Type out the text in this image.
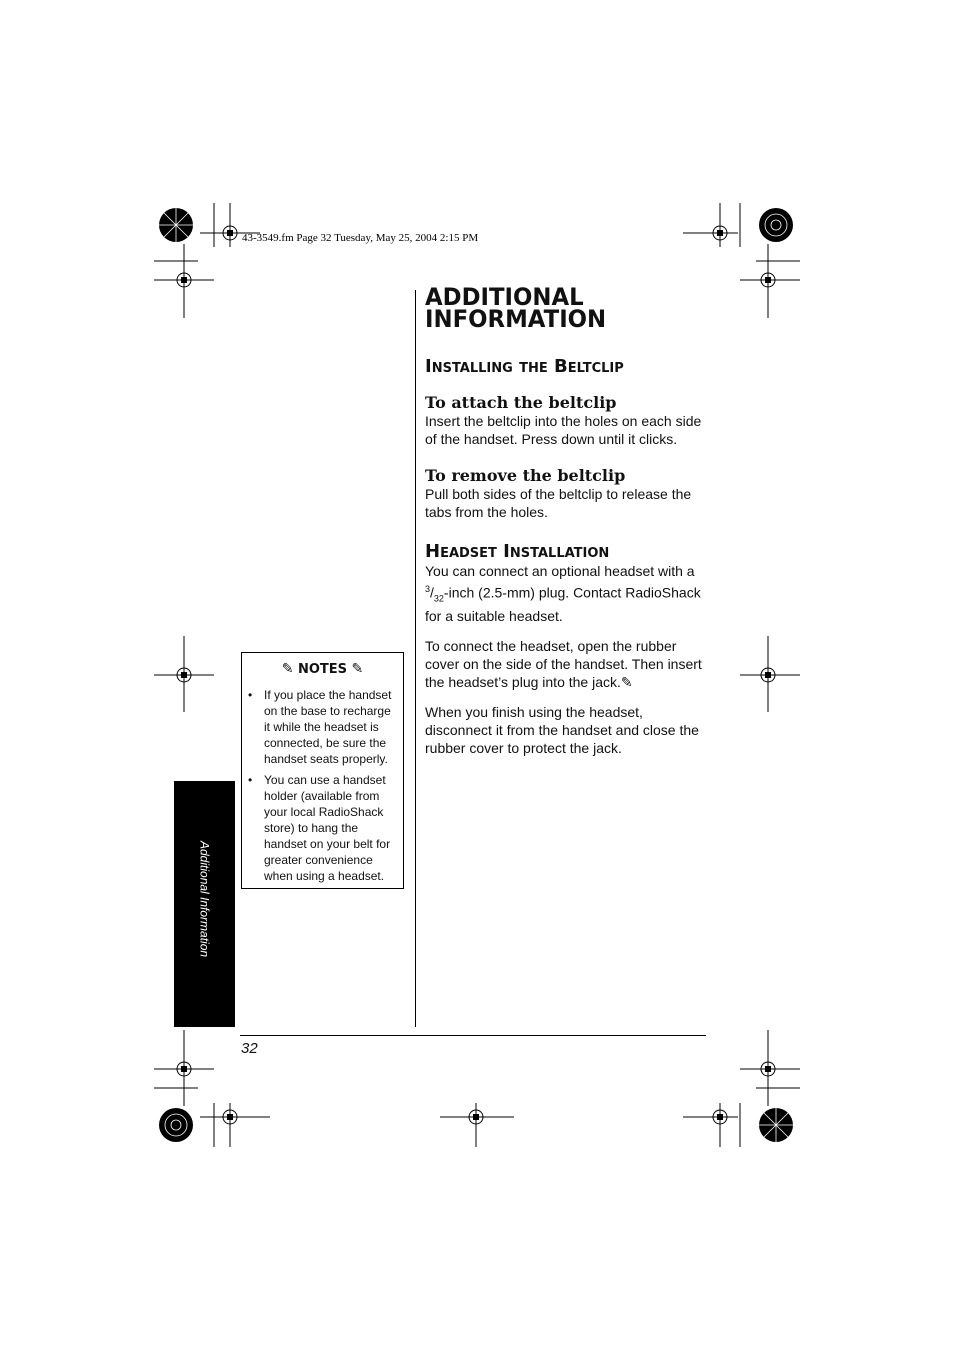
43-3549.fm Page 32 Tuesday, May 25, 2004 2:15 PM
Additional Information
✎ NOTES ✎
• If you place the handset on the base to recharge it while the headset is connected, be sure the handset seats properly.
• You can use a handset holder (available from your local RadioShack store) to hang the handset on your belt for greater convenience when using a headset.
ADDITIONAL
INFORMATION
Installing the Beltclip
To attach the beltclip

Insert the beltclip into the holes on each side of the handset. Press down until it clicks.

To remove the beltclip

Pull both sides of the beltclip to release the tabs from the holes.

Headset Installation

You can connect an optional headset with a $^3/_{32}$-inch (2.5-mm) plug. Contact RadioShack for a suitable headset.

To connect the headset, open the rubber cover on the side of the handset. Then insert the headset’s plug into the jack.✎

When you finish using the headset, disconnect it from the handset and close the rubber cover to protect the jack.

32
